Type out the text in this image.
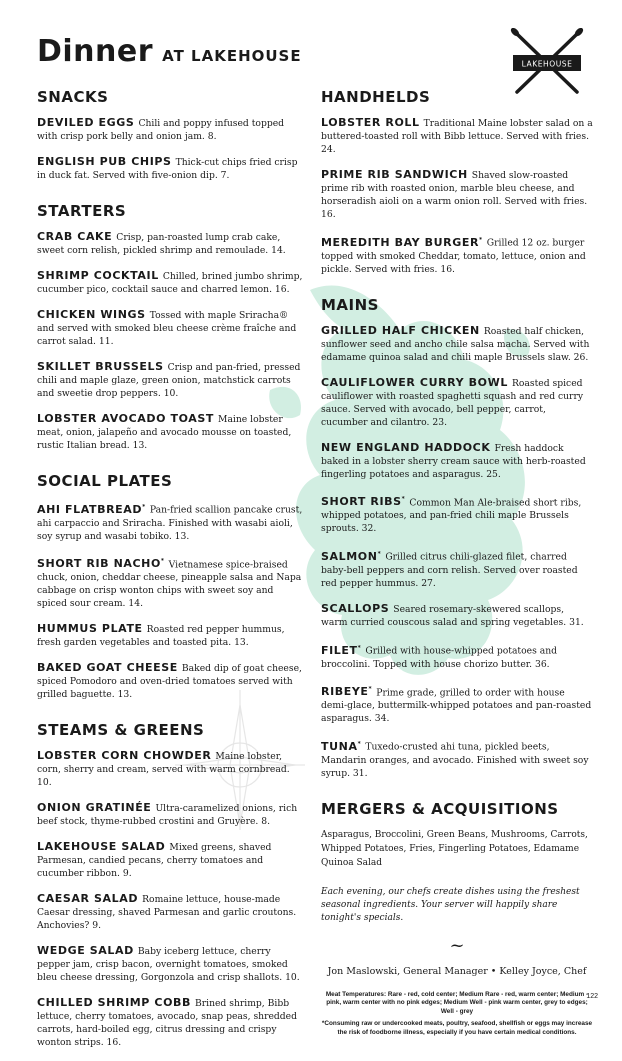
Dinner AT LAKEHOUSE	LAKEHOUSE
SNACKS
DEVILED EGGS Chili and poppy infused topped with crisp pork belly and onion jam. 8.
ENGLISH PUB CHIPS Thick-cut chips fried crisp in duck fat. Served with five-onion dip. 7.
STARTERS
CRAB CAKE Crisp, pan-roasted lump crab cake, sweet corn relish, pickled shrimp and remoulade. 14.
SHRIMP COCKTAIL Chilled, brined jumbo shrimp, cucumber pico, cocktail sauce and charred lemon. 16.
CHICKEN WINGS Tossed with maple Sriracha® and served with smoked bleu cheese crème fraîche and carrot salad. 11.
SKILLET BRUSSELS Crisp and pan-fried, pressed chili and maple glaze, green onion, matchstick carrots and sweetie drop peppers. 10.
LOBSTER AVOCADO TOAST Maine lobster meat, onion, jalapeño and avocado mousse on toasted, rustic Italian bread. 13.
SOCIAL PLATES
AHI FLATBREAD* Pan-fried scallion pancake crust, ahi carpaccio and Sriracha. Finished with wasabi aioli, soy syrup and wasabi tobiko. 13.
SHORT RIB NACHO* Vietnamese spice-braised chuck, onion, cheddar cheese, pineapple salsa and Napa cabbage on crisp wonton chips with sweet soy and spiced sour cream. 14.
HUMMUS PLATE Roasted red pepper hummus, fresh garden vegetables and toasted pita. 13.
BAKED GOAT CHEESE Baked dip of goat cheese, spiced Pomodoro and oven-dried tomatoes served with grilled baguette. 13.
STEAMS & GREENS
LOBSTER CORN CHOWDER Maine lobster, corn, sherry and cream, served with warm cornbread. 10.
ONION GRATINÉE Ultra-caramelized onions, rich beef stock, thyme-rubbed crostini and Gruyère. 8.
LAKEHOUSE SALAD Mixed greens, shaved Parmesan, candied pecans, cherry tomatoes and cucumber ribbon. 9.
CAESAR SALAD Romaine lettuce, house-made Caesar dressing, shaved Parmesan and garlic croutons. Anchovies? 9.
WEDGE SALAD Baby iceberg lettuce, cherry pepper jam, crisp bacon, overnight tomatoes, smoked bleu cheese dressing, Gorgonzola and crisp shallots. 10.
CHILLED SHRIMP COBB Brined shrimp, Bibb lettuce, cherry tomatoes, avocado, snap peas, shredded carrots, hard-boiled egg, citrus dressing and crispy wonton strips. 16.
HANDHELDS
LOBSTER ROLL Traditional Maine lobster salad on a buttered-toasted roll with Bibb lettuce. Served with fries. 24.
PRIME RIB SANDWICH Shaved slow-roasted prime rib with roasted onion, marble bleu cheese, and horseradish aioli on a warm onion roll. Served with fries. 16.
MEREDITH BAY BURGER* Grilled 12 oz. burger topped with smoked Cheddar, tomato, lettuce, onion and pickle. Served with fries. 16.
MAINS
GRILLED HALF CHICKEN Roasted half chicken, sunflower seed and ancho chile salsa macha. Served with edamame quinoa salad and chili maple Brussels slaw. 26.
CAULIFLOWER CURRY BOWL Roasted spiced cauliflower with roasted spaghetti squash and red curry sauce. Served with avocado, bell pepper, carrot, cucumber and cilantro. 23.
NEW ENGLAND HADDOCK Fresh haddock baked in a lobster sherry cream sauce with herb-roasted fingerling potatoes and asparagus. 25.
SHORT RIBS* Common Man Ale-braised short ribs, whipped potatoes, and pan-fried chili maple Brussels sprouts. 32.
SALMON* Grilled citrus chili-glazed filet, charred baby-bell peppers and corn relish. Served over roasted red pepper hummus. 27.
SCALLOPS Seared rosemary-skewered scallops, warm curried couscous salad and spring vegetables. 31.
FILET* Grilled with house-whipped potatoes and broccolini. Topped with house chorizo butter. 36.
RIBEYE* Prime grade, grilled to order with house demi-glace, buttermilk-whipped potatoes and pan-roasted asparagus. 34.
TUNA* Tuxedo-crusted ahi tuna, pickled beets, Mandarin oranges, and avocado. Finished with sweet soy syrup. 31.
MERGERS & ACQUISITIONS
Asparagus, Broccolini, Green Beans, Mushrooms, Carrots, Whipped Potatoes, Fries, Fingerling Potatoes, Edamame Quinoa Salad
Each evening, our chefs create dishes using the freshest seasonal ingredients. Your server will happily share tonight's specials.
~
Jon Maslowski, General Manager • Kelley Joyce, Chef
Meat Temperatures: Rare - red, cold center; Medium Rare - red, warm center; Medium - pink, warm center with no pink edges; Medium Well - pink warm center, grey to edges; Well - grey
*Consuming raw or undercooked meats, poultry, seafood, shellfish or eggs may increase the risk of foodborne illness, especially if you have certain medical conditions.
122
